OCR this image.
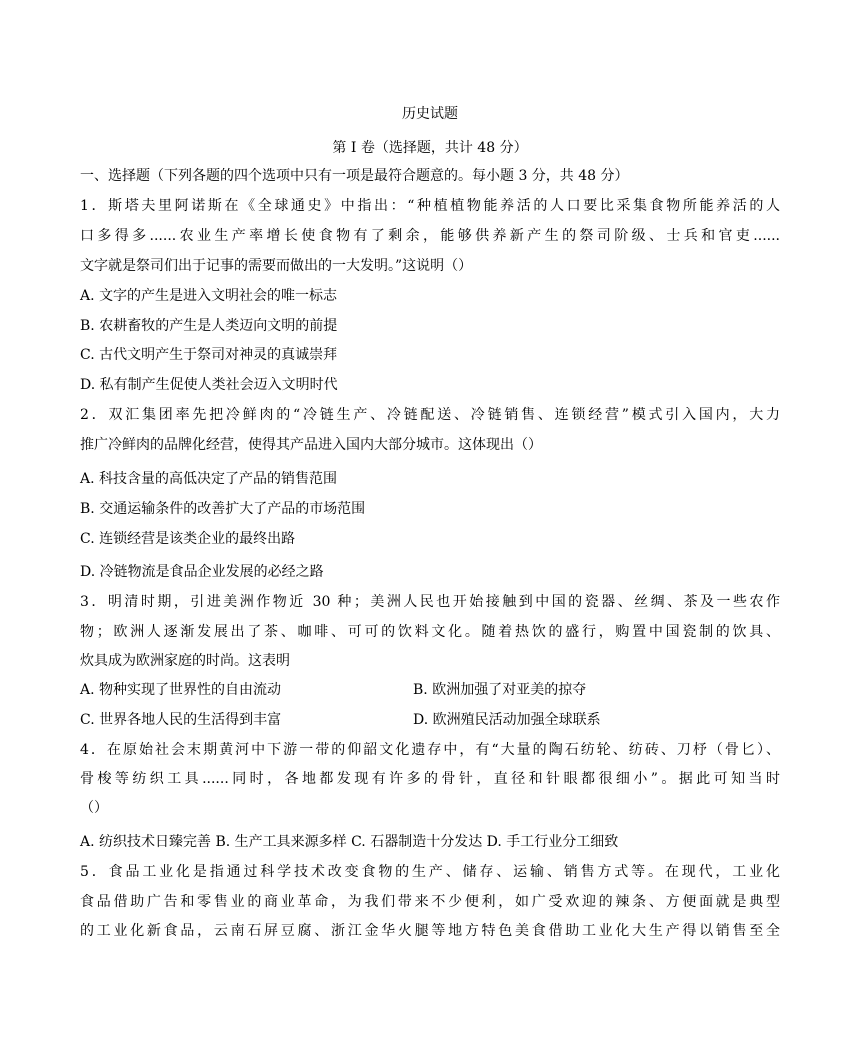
历史试题
第 I 卷（选择题，共计 48 分）
一、选择题（下列各题的四个选项中只有一项是最符合题意的。每小题 3 分，共 48 分）
1．斯塔夫里阿诺斯在《全球通史》中指出：“种植植物能养活的人口要比采集食物所能养活的人
口多得多......农业生产率增长使食物有了剩余，能够供养新产生的祭司阶级、士兵和官吏......
文字就是祭司们出于记事的需要而做出的一大发明。”这说明（）
A. 文字的产生是进入文明社会的唯一标志
B. 农耕畜牧的产生是人类迈向文明的前提
C. 古代文明产生于祭司对神灵的真诚崇拜
D. 私有制产生促使人类社会迈入文明时代
2．双汇集团率先把冷鲜肉的“冷链生产、冷链配送、冷链销售、连锁经营”模式引入国内，大力
推广冷鲜肉的品牌化经营，使得其产品进入国内大部分城市。这体现出（）
A. 科技含量的高低决定了产品的销售范围
B. 交通运输条件的改善扩大了产品的市场范围
C. 连锁经营是该类企业的最终出路
D. 冷链物流是食品企业发展的必经之路
3．明清时期，引进美洲作物近 30 种；美洲人民也开始接触到中国的瓷器、丝绸、茶及一些农作
物；欧洲人逐渐发展出了茶、咖啡、可可的饮料文化。随着热饮的盛行，购置中国瓷制的饮具、
炊具成为欧洲家庭的时尚。这表明
A. 物种实现了世界性的自由流动	B. 欧洲加强了对亚美的掠夺
C. 世界各地人民的生活得到丰富	D. 欧洲殖民活动加强全球联系
4．在原始社会末期黄河中下游一带的仰韶文化遗存中，有“大量的陶石纺轮、纺砖、刀杼（骨匕）、
骨梭等纺织工具......同时，各地都发现有许多的骨针，直径和针眼都很细小”。据此可知当时
（）
A. 纺织技术日臻完善 B. 生产工具来源多样 C. 石器制造十分发达 D. 手工行业分工细致
5．食品工业化是指通过科学技术改变食物的生产、储存、运输、销售方式等。在现代，工业化
食品借助广告和零售业的商业革命，为我们带来不少便利，如广受欢迎的辣条、方便面就是典型
的工业化新食品，云南石屏豆腐、浙江金华火腿等地方特色美食借助工业化大生产得以销售至全
